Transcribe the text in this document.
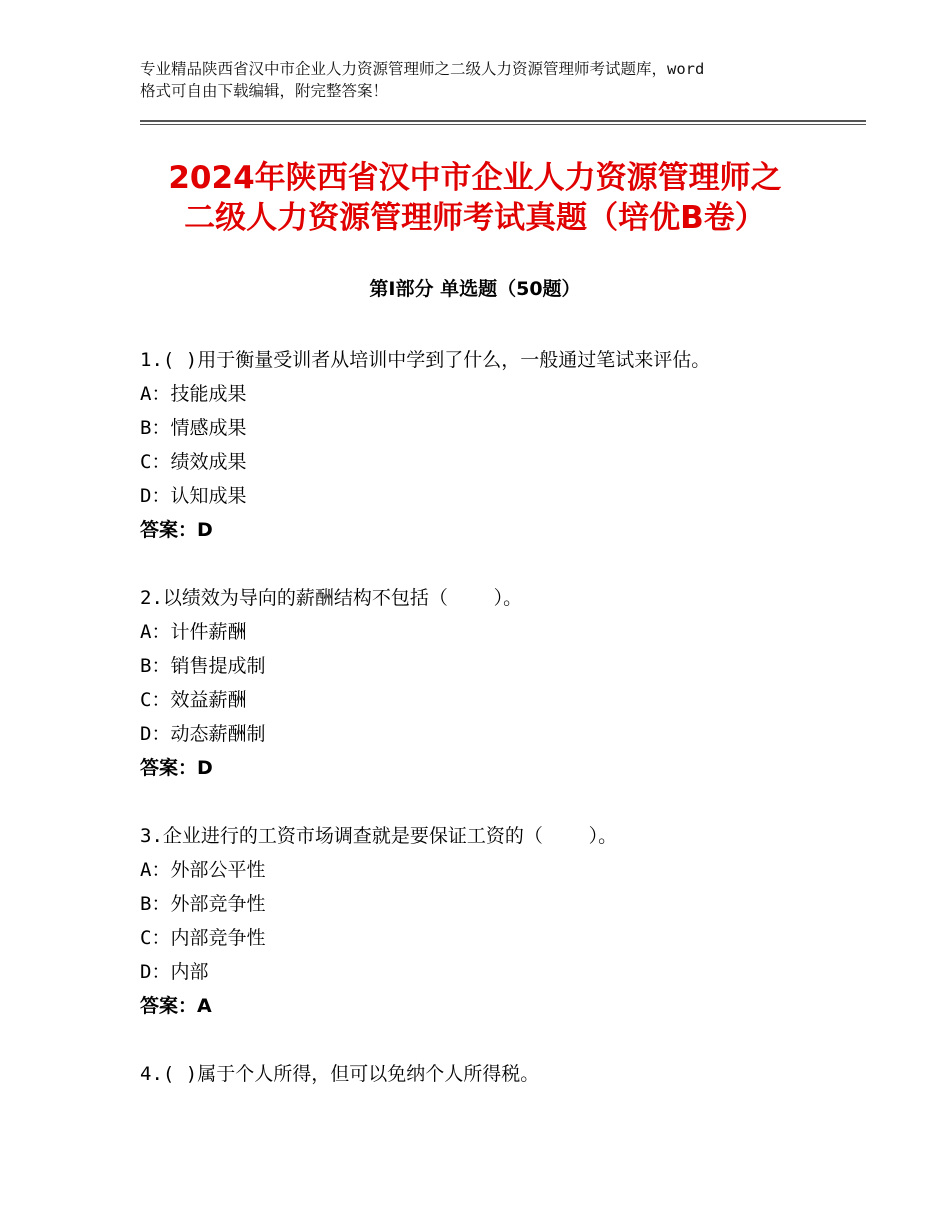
专业精品陕西省汉中市企业人力资源管理师之二级人力资源管理师考试题库，word
格式可自由下载编辑，附完整答案！
2024年陕西省汉中市企业人力资源管理师之
二级人力资源管理师考试真题（培优B卷）
第Ⅰ部分 单选题（50题）
1.( )用于衡量受训者从培训中学到了什么，一般通过笔试来评估。
A：技能成果
B：情感成果
C：绩效成果
D：认知成果
答案：D
2.以绩效为导向的薪酬结构不包括（    ）。
A：计件薪酬
B：销售提成制
C：效益薪酬
D：动态薪酬制
答案：D
3.企业进行的工资市场调查就是要保证工资的（    ）。
A：外部公平性
B：外部竞争性
C：内部竞争性
D：内部
答案：A
4.( )属于个人所得，但可以免纳个人所得税。
